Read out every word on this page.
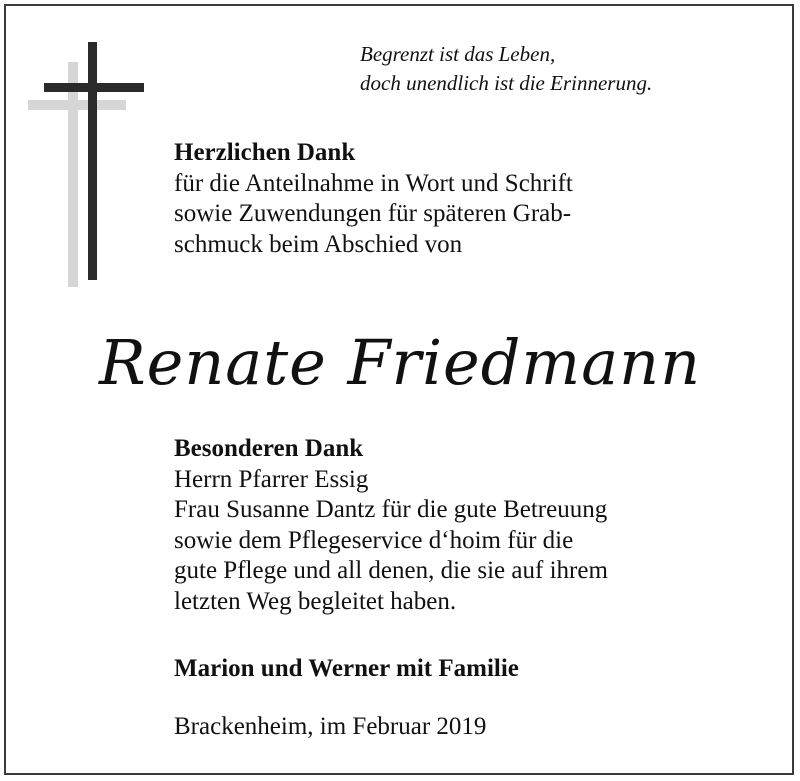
Begrenzt ist das Leben,
doch unendlich ist die Erinnerung.
Herzlichen Dank
für die Anteilnahme in Wort und Schrift
sowie Zuwendungen für späteren Grab-
schmuck beim Abschied von
Renate Friedmann
Besonderen Dank
Herrn Pfarrer Essig
Frau Susanne Dantz für die gute Betreuung
sowie dem Pflegeservice d‘hoim für die
gute Pflege und all denen, die sie auf ihrem
letzten Weg begleitet haben.
Marion und Werner mit Familie
Brackenheim, im Februar 2019
